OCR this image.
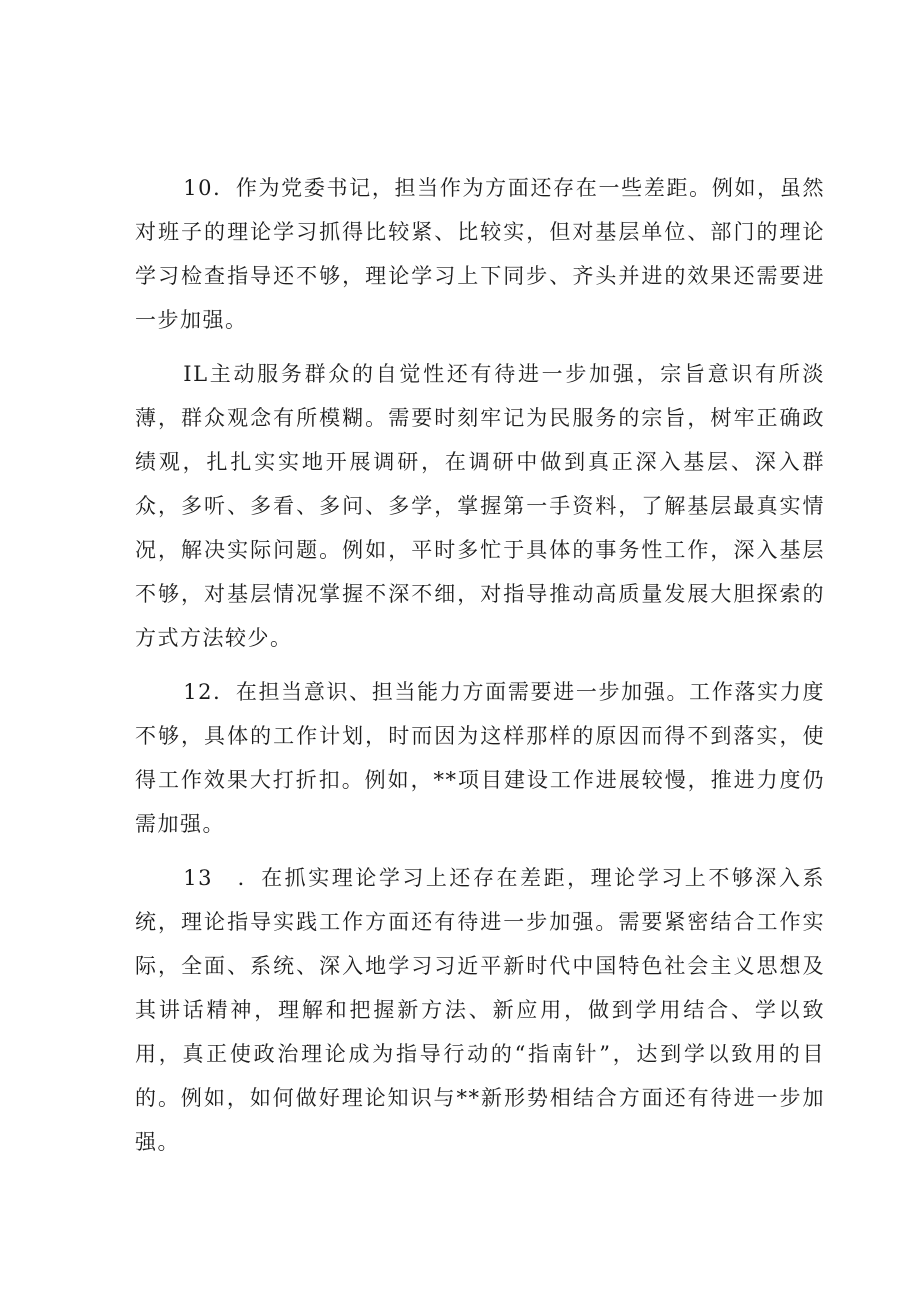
10．作为党委书记，担当作为方面还存在一些差距。例如，虽然对班子的理论学习抓得比较紧、比较实，但对基层单位、部门的理论学习检查指导还不够，理论学习上下同步、齐头并进的效果还需要进一步加强。

IL主动服务群众的自觉性还有待进一步加强，宗旨意识有所淡薄，群众观念有所模糊。需要时刻牢记为民服务的宗旨，树牢正确政绩观，扎扎实实地开展调研，在调研中做到真正深入基层、深入群众，多听、多看、多问、多学，掌握第一手资料，了解基层最真实情况，解决实际问题。例如，平时多忙于具体的事务性工作，深入基层不够，对基层情况掌握不深不细，对指导推动高质量发展大胆探索的方式方法较少。

12．在担当意识、担当能力方面需要进一步加强。工作落实力度不够，具体的工作计划，时而因为这样那样的原因而得不到落实，使得工作效果大打折扣。例如，**项目建设工作进展较慢，推进力度仍需加强。

13　．在抓实理论学习上还存在差距，理论学习上不够深入系统，理论指导实践工作方面还有待进一步加强。需要紧密结合工作实际，全面、系统、深入地学习习近平新时代中国特色社会主义思想及其讲话精神，理解和把握新方法、新应用，做到学用结合、学以致用，真正使政治理论成为指导行动的“指南针”，达到学以致用的目的。例如，如何做好理论知识与**新形势相结合方面还有待进一步加强。
